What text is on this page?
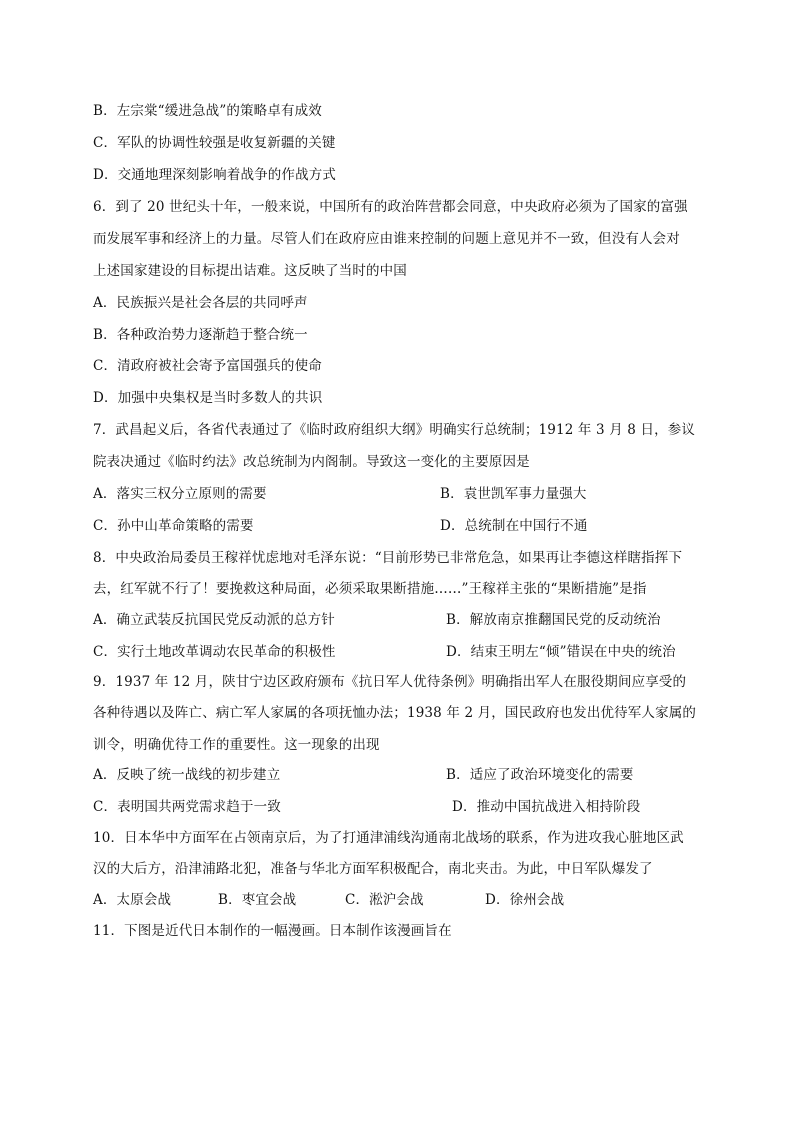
B．左宗棠“缓进急战”的策略卓有成效
C．军队的协调性较强是收复新疆的关键
D．交通地理深刻影响着战争的作战方式
6．到了 20 世纪头十年，一般来说，中国所有的政治阵营都会同意，中央政府必须为了国家的富强
而发展军事和经济上的力量。尽管人们在政府应由谁来控制的问题上意见并不一致，但没有人会对
上述国家建设的目标提出诘难。这反映了当时的中国
A．民族振兴是社会各层的共同呼声
B．各种政治势力逐渐趋于整合统一
C．清政府被社会寄予富国强兵的使命
D．加强中央集权是当时多数人的共识
7．武昌起义后，各省代表通过了《临时政府组织大纲》明确实行总统制；1912 年 3 月 8 日，参议
院表决通过《临时约法》改总统制为内阁制。导致这一变化的主要原因是
A．落实三权分立原则的需要	B．袁世凯军事力量强大
C．孙中山革命策略的需要	D．总统制在中国行不通
8．中央政治局委员王稼祥忧虑地对毛泽东说：“目前形势已非常危急，如果再让李德这样瞎指挥下
去，红军就不行了！要挽救这种局面，必须采取果断措施……”王稼祥主张的“果断措施”是指
A．确立武装反抗国民党反动派的总方针	B．解放南京推翻国民党的反动统治
C．实行土地改革调动农民革命的积极性	D．结束王明左“倾”错误在中央的统治
9．1937 年 12 月，陕甘宁边区政府颁布《抗日军人优待条例》明确指出军人在服役期间应享受的
各种待遇以及阵亡、病亡军人家属的各项抚恤办法；1938 年 2 月，国民政府也发出优待军人家属的
训令，明确优待工作的重要性。这一现象的出现
A．反映了统一战线的初步建立	B．适应了政治环境变化的需要
C．表明国共两党需求趋于一致	D．推动中国抗战进入相持阶段
10．日本华中方面军在占领南京后，为了打通津浦线沟通南北战场的联系，作为进攻我心脏地区武
汉的大后方，沿津浦路北犯，准备与华北方面军积极配合，南北夹击。为此，中日军队爆发了
A．太原会战	B．枣宜会战	C．淞沪会战	D．徐州会战
11．下图是近代日本制作的一幅漫画。日本制作该漫画旨在
